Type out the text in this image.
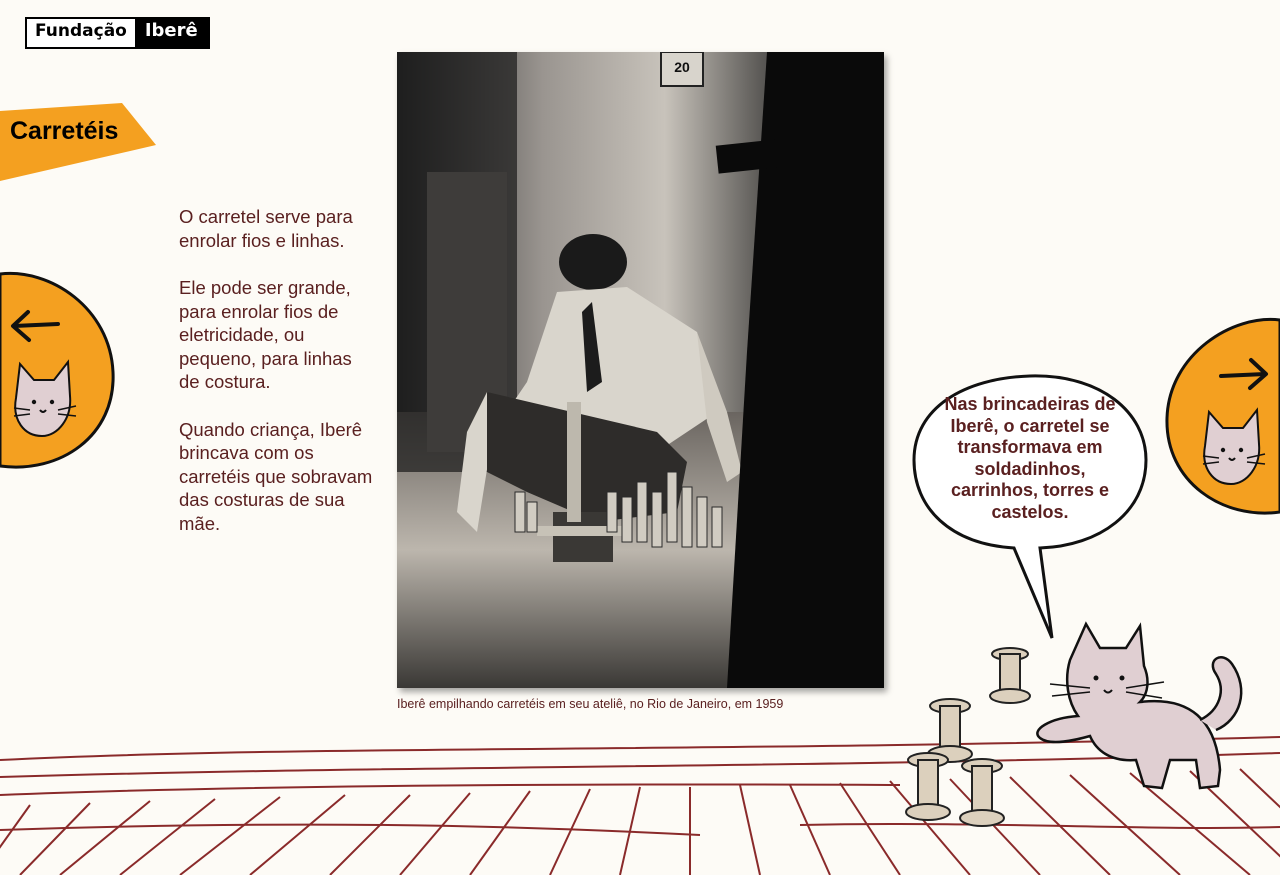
Fundação	Iberê
Carretéis

O carretel serve para enrolar fios e linhas.

Ele pode ser grande, para enrolar fios de eletricidade, ou pequeno, para linhas de costura.

Quando criança, Iberê brincava com os carretéis que sobravam das costuras de sua mãe.

20
Iberê empilhando carretéis em seu ateliê, no Rio de Janeiro, em 1959
Nas brincadeiras de Iberê, o carretel se transformava em soldadinhos, carrinhos, torres e castelos.
